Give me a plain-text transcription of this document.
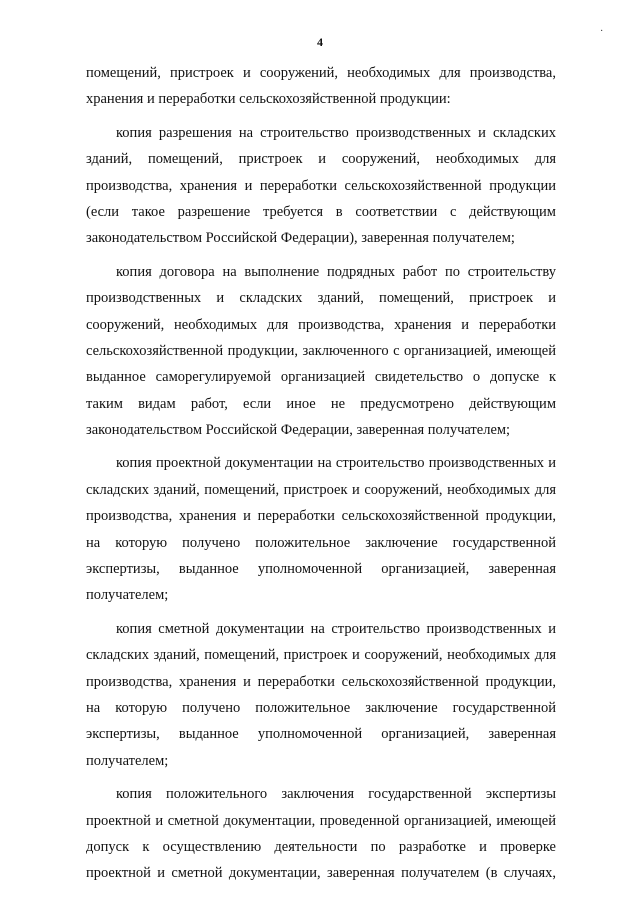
4
·
помещений, пристроек и сооружений, необходимых для производства,
хранения и переработки сельскохозяйственной продукции:
копия разрешения на строительство производственных и складских
зданий, помещений, пристроек и сооружений, необходимых для
производства, хранения и переработки сельскохозяйственной продукции
(если такое разрешение требуется в соответствии с действующим
законодательством Российской Федерации), заверенная получателем;
копия договора на выполнение подрядных работ по строительству
производственных и складских зданий, помещений, пристроек и
сооружений, необходимых для производства, хранения и переработки
сельскохозяйственной продукции, заключенного с организацией, имеющей
выданное саморегулируемой организацией свидетельство о допуске к
таким видам работ, если иное не предусмотрено действующим
законодательством Российской Федерации, заверенная получателем;
копия проектной документации на строительство производственных и
складских зданий, помещений, пристроек и сооружений, необходимых для
производства, хранения и переработки сельскохозяйственной продукции,
на которую получено положительное заключение государственной
экспертизы, выданное уполномоченной организацией, заверенная
получателем;
копия сметной документации на строительство производственных и
складских зданий, помещений, пристроек и сооружений, необходимых для
производства, хранения и переработки сельскохозяйственной продукции,
на которую получено положительное заключение государственной
экспертизы, выданное уполномоченной организацией, заверенная
получателем;
копия положительного заключения государственной экспертизы
проектной и сметной документации, проведенной организацией, имеющей
допуск к осуществлению деятельности по разработке и проверке
проектной и сметной документации, заверенная получателем (в случаях,
